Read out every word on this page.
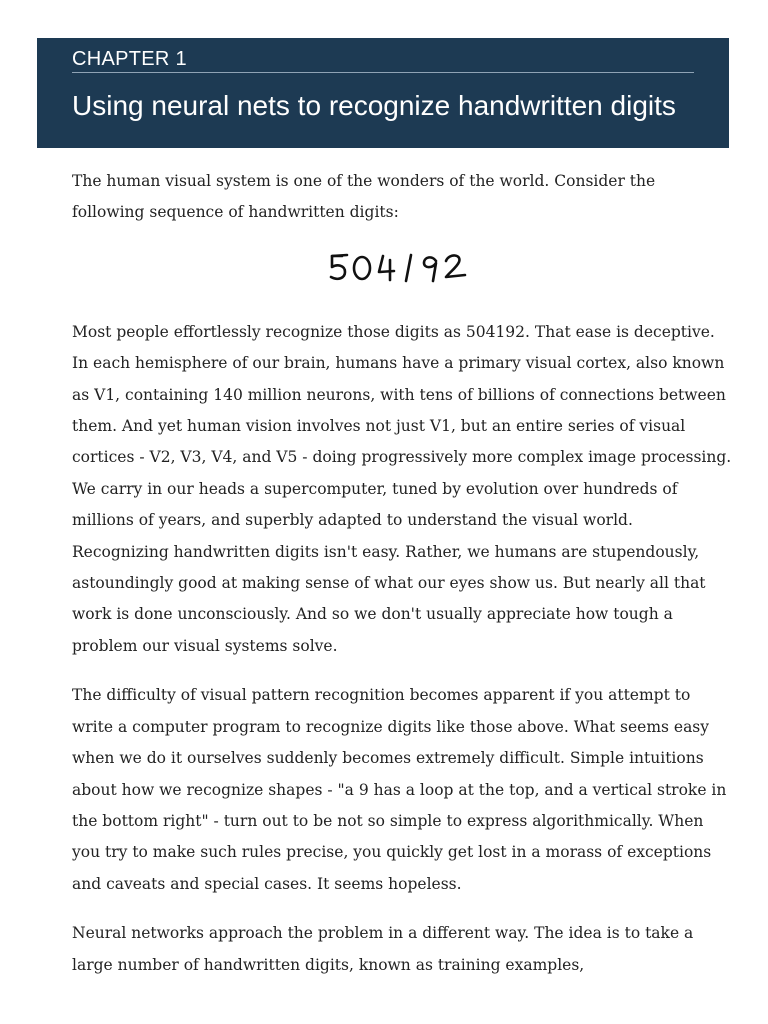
CHAPTER 1
Using neural nets to recognize handwritten digits

The human visual system is one of the wonders of the world. Consider the following sequence of handwritten digits:

Most people effortlessly recognize those digits as 504192. That ease is deceptive. In each hemisphere of our brain, humans have a primary visual cortex, also known as V1, containing 140 million neurons, with tens of billions of connections between them. And yet human vision involves not just V1, but an entire series of visual cortices - V2, V3, V4, and V5 - doing progressively more complex image processing. We carry in our heads a supercomputer, tuned by evolution over hundreds of millions of years, and superbly adapted to understand the visual world. Recognizing handwritten digits isn't easy. Rather, we humans are stupendously, astoundingly good at making sense of what our eyes show us. But nearly all that work is done unconsciously. And so we don't usually appreciate how tough a problem our visual systems solve.

The difficulty of visual pattern recognition becomes apparent if you attempt to write a computer program to recognize digits like those above. What seems easy when we do it ourselves suddenly becomes extremely difficult. Simple intuitions about how we recognize shapes - "a 9 has a loop at the top, and a vertical stroke in the bottom right" - turn out to be not so simple to express algorithmically. When you try to make such rules precise, you quickly get lost in a morass of exceptions and caveats and special cases. It seems hopeless.

Neural networks approach the problem in a different way. The idea is to take a large number of handwritten digits, known as training examples,
